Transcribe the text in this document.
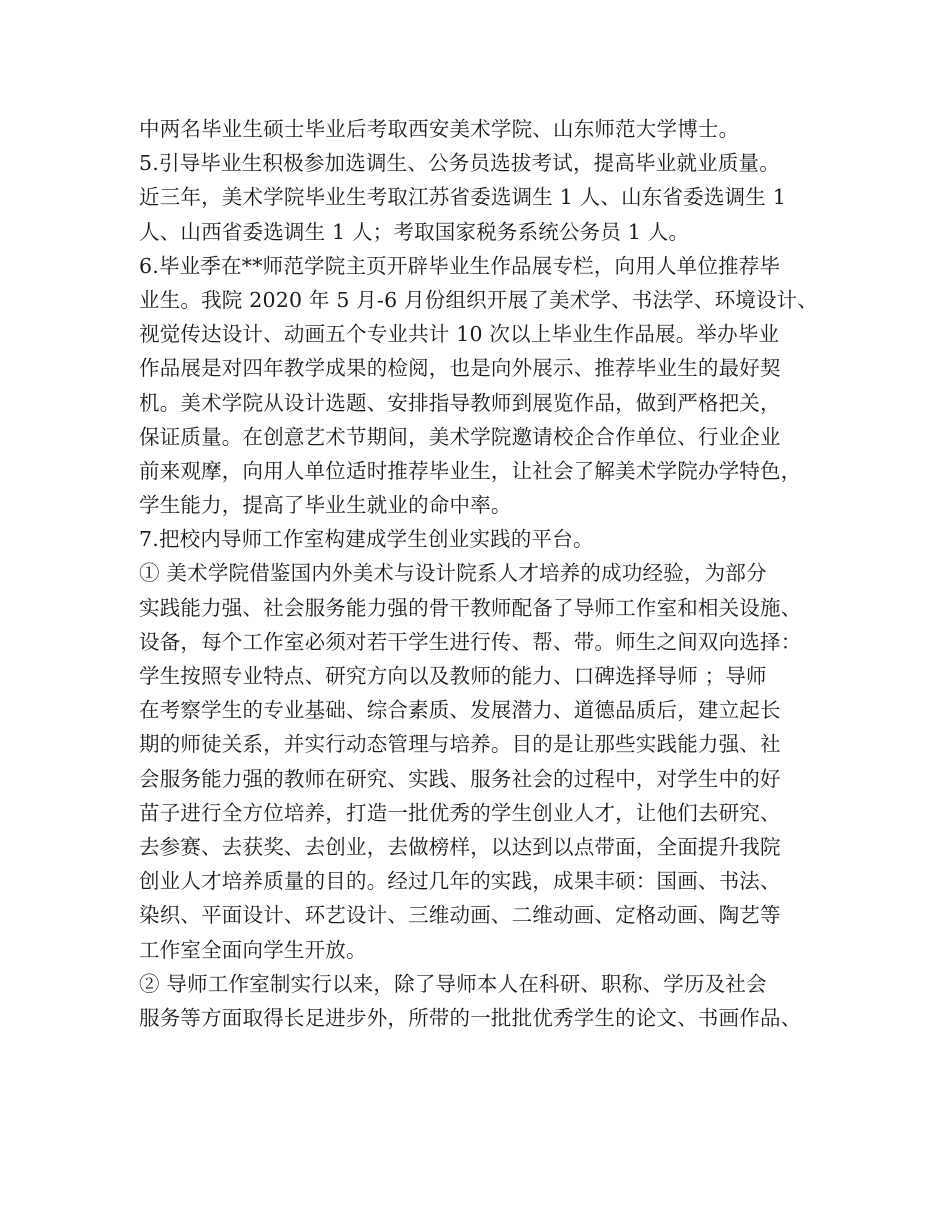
中两名毕业生硕士毕业后考取西安美术学院、山东师范大学博士。
5.引导毕业生积极参加选调生、公务员选拔考试，提高毕业就业质量。
近三年，美术学院毕业生考取江苏省委选调生 1 人、山东省委选调生 1
人、山西省委选调生 1 人；考取国家税务系统公务员 1 人。
6.毕业季在**师范学院主页开辟毕业生作品展专栏，向用人单位推荐毕
业生。我院 2020 年 5 月-6 月份组织开展了美术学、书法学、环境设计、
视觉传达设计、动画五个专业共计 10 次以上毕业生作品展。举办毕业
作品展是对四年教学成果的检阅，也是向外展示、推荐毕业生的最好契
机。美术学院从设计选题、安排指导教师到展览作品，做到严格把关，
保证质量。在创意艺术节期间，美术学院邀请校企合作单位、行业企业
前来观摩，向用人单位适时推荐毕业生，让社会了解美术学院办学特色，
学生能力，提高了毕业生就业的命中率。
7.把校内导师工作室构建成学生创业实践的平台。
① 美术学院借鉴国内外美术与设计院系人才培养的成功经验，为部分
实践能力强、社会服务能力强的骨干教师配备了导师工作室和相关设施、
设备，每个工作室必须对若干学生进行传、帮、带。师生之间双向选择：
学生按照专业特点、研究方向以及教师的能力、口碑选择导师 ；导师
在考察学生的专业基础、综合素质、发展潜力、道德品质后，建立起长
期的师徒关系，并实行动态管理与培养。目的是让那些实践能力强、社
会服务能力强的教师在研究、实践、服务社会的过程中，对学生中的好
苗子进行全方位培养，打造一批优秀的学生创业人才，让他们去研究、
去参赛、去获奖、去创业，去做榜样，以达到以点带面，全面提升我院
创业人才培养质量的目的。经过几年的实践，成果丰硕：国画、书法、
染织、平面设计、环艺设计、三维动画、二维动画、定格动画、陶艺等
工作室全面向学生开放。
② 导师工作室制实行以来，除了导师本人在科研、职称、学历及社会
服务等方面取得长足进步外，所带的一批批优秀学生的论文、书画作品、
